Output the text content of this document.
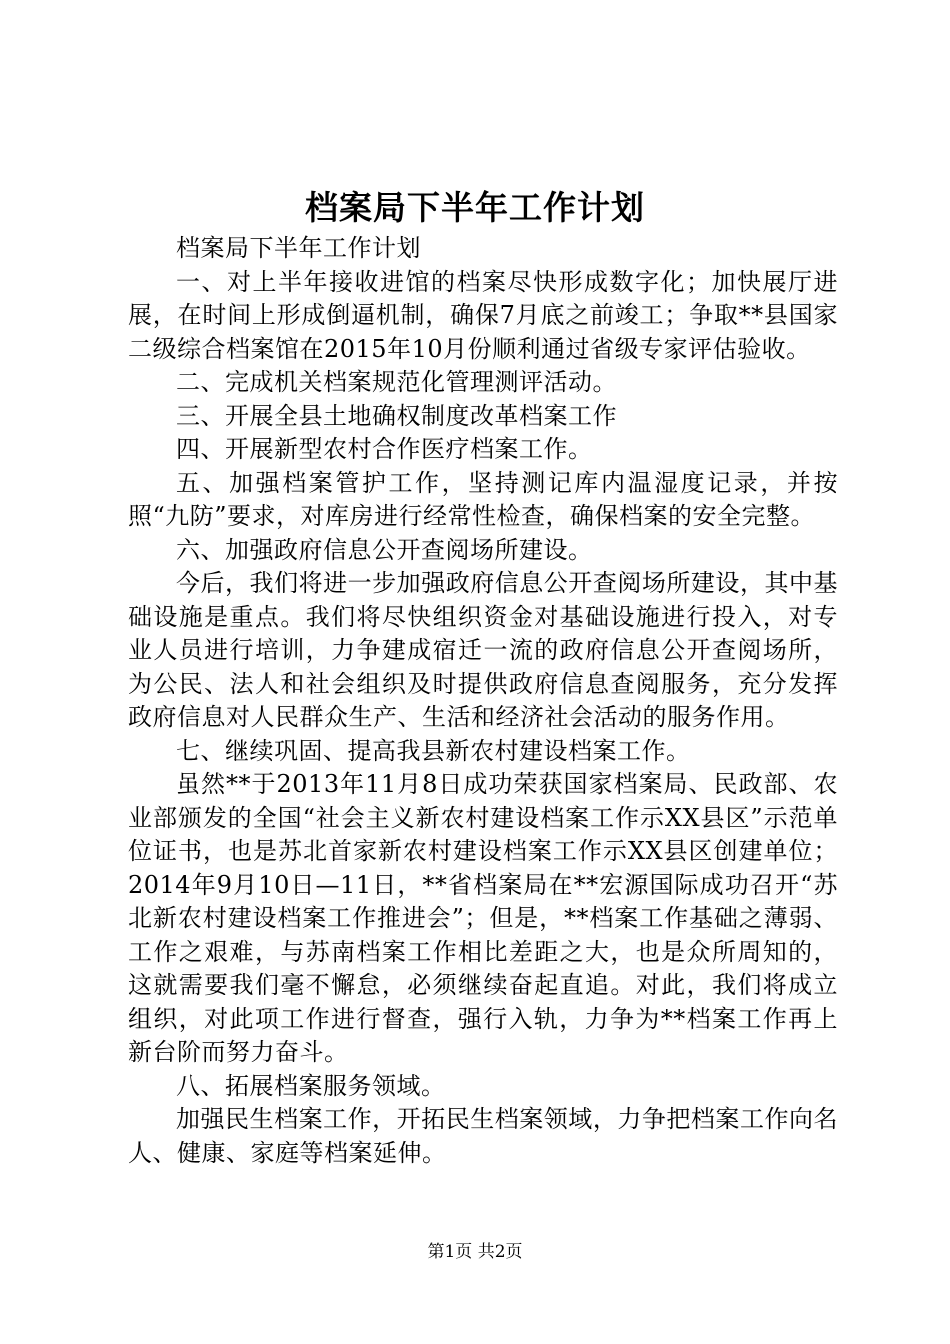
档案局下半年工作计划

档案局下半年工作计划

一、对上半年接收进馆的档案尽快形成数字化；加快展厅进展，在时间上形成倒逼机制，确保7月底之前竣工；争取**县国家二级综合档案馆在2015年10月份顺利通过省级专家评估验收。

二、完成机关档案规范化管理测评活动。

三、开展全县土地确权制度改革档案工作

四、开展新型农村合作医疗档案工作。

五、加强档案管护工作，坚持测记库内温湿度记录，并按照“九防”要求，对库房进行经常性检查，确保档案的安全完整。

六、加强政府信息公开查阅场所建设。

今后，我们将进一步加强政府信息公开查阅场所建设，其中基础设施是重点。我们将尽快组织资金对基础设施进行投入，对专业人员进行培训，力争建成宿迁一流的政府信息公开查阅场所，为公民、法人和社会组织及时提供政府信息查阅服务，充分发挥政府信息对人民群众生产、生活和经济社会活动的服务作用。

七、继续巩固、提高我县新农村建设档案工作。

虽然**于2013年11月8日成功荣获国家档案局、民政部、农业部颁发的全国“社会主义新农村建设档案工作示XX县区”示范单位证书，也是苏北首家新农村建设档案工作示XX县区创建单位；2014年9月10日—11日，**省档案局在**宏源国际成功召开“苏北新农村建设档案工作推进会”；但是，**档案工作基础之薄弱、工作之艰难，与苏南档案工作相比差距之大，也是众所周知的，这就需要我们毫不懈怠，必须继续奋起直追。对此，我们将成立组织，对此项工作进行督查，强行入轨，力争为**档案工作再上新台阶而努力奋斗。

八、拓展档案服务领域。

加强民生档案工作，开拓民生档案领域，力争把档案工作向名人、健康、家庭等档案延伸。

第1页 共2页
